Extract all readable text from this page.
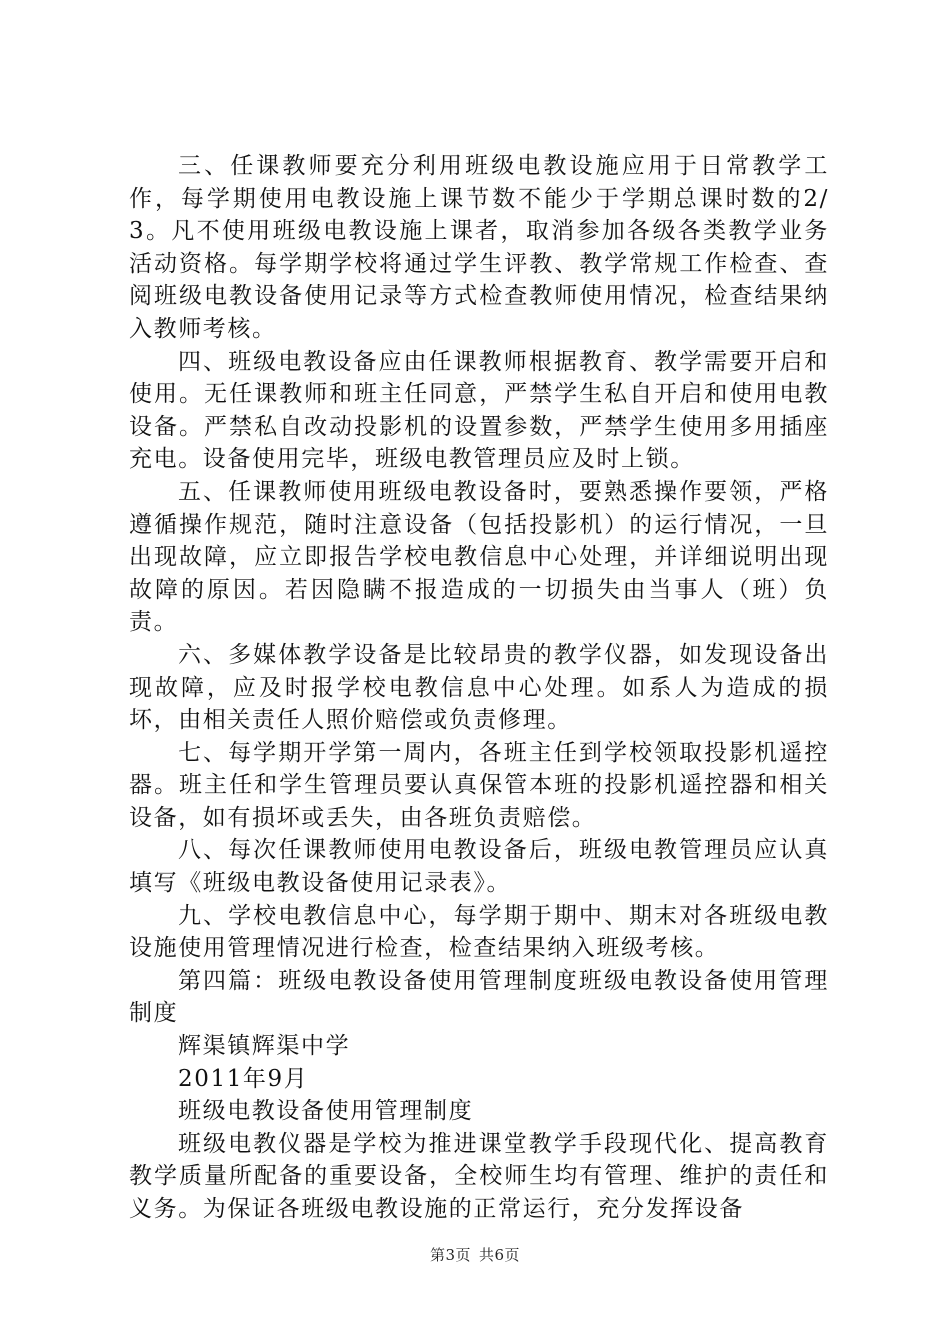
三、任课教师要充分利用班级电教设施应用于日常教学工作，每学期使用电教设施上课节数不能少于学期总课时数的2/3。凡不使用班级电教设施上课者，取消参加各级各类教学业务活动资格。每学期学校将通过学生评教、教学常规工作检查、查阅班级电教设备使用记录等方式检查教师使用情况，检查结果纳入教师考核。

四、班级电教设备应由任课教师根据教育、教学需要开启和使用。无任课教师和班主任同意，严禁学生私自开启和使用电教设备。严禁私自改动投影机的设置参数，严禁学生使用多用插座充电。设备使用完毕，班级电教管理员应及时上锁。

五、任课教师使用班级电教设备时，要熟悉操作要领，严格遵循操作规范，随时注意设备（包括投影机）的运行情况，一旦出现故障，应立即报告学校电教信息中心处理，并详细说明出现故障的原因。若因隐瞒不报造成的一切损失由当事人（班）负责。

六、多媒体教学设备是比较昂贵的教学仪器，如发现设备出现故障，应及时报学校电教信息中心处理。如系人为造成的损坏，由相关责任人照价赔偿或负责修理。

七、每学期开学第一周内，各班主任到学校领取投影机遥控器。班主任和学生管理员要认真保管本班的投影机遥控器和相关设备，如有损坏或丢失，由各班负责赔偿。

八、每次任课教师使用电教设备后，班级电教管理员应认真填写《班级电教设备使用记录表》。

九、学校电教信息中心，每学期于期中、期末对各班级电教设施使用管理情况进行检查，检查结果纳入班级考核。

第四篇：班级电教设备使用管理制度班级电教设备使用管理制度

辉渠镇辉渠中学

2011年9月

班级电教设备使用管理制度

班级电教仪器是学校为推进课堂教学手段现代化、提高教育教学质量所配备的重要设备，全校师生均有管理、维护的责任和义务。为保证各班级电教设施的正常运行，充分发挥设备

第3页 共6页
